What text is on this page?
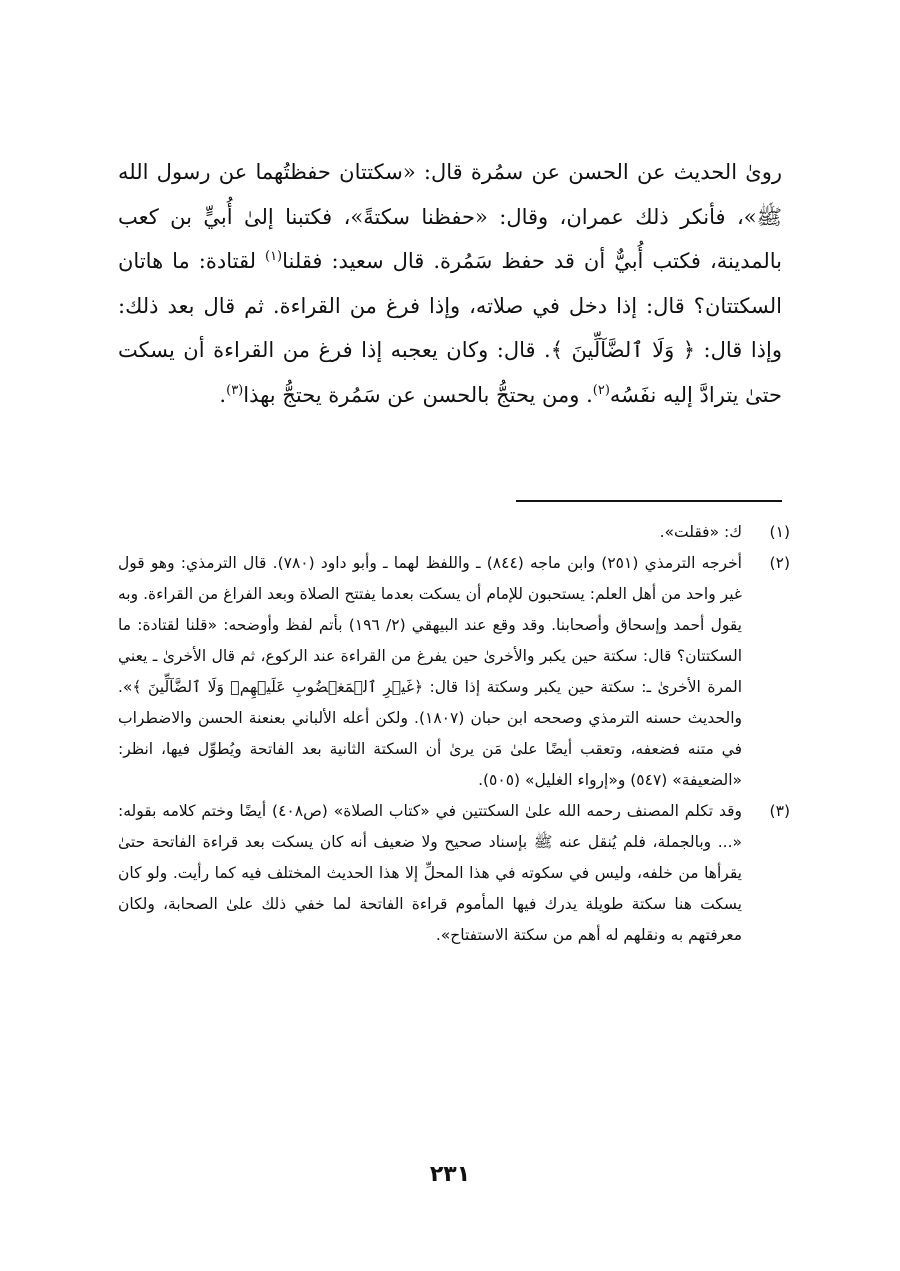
روىٰ الحديث عن الحسن عن سمُرة قال: «سكتتان حفظتُهما عن رسول الله ﷺ»، فأنكر ذلك عمران، وقال: «حفظنا سكتةً»، فكتبنا إلىٰ أُبيٍّ بن كعب بالمدينة، فكتب أُبيٌّ أن قد حفظ سَمُرة. قال سعيد: فقلنا$^{(١)}$ لقتادة: ما هاتان السكتتان؟ قال: إذا دخل في صلاته، وإذا فرغ من القراءة. ثم قال بعد ذلك: وإذا قال: ﴿ وَلَا ٱلضَّآلِّينَ ﴾. قال: وكان يعجبه إذا فرغ من القراءة أن يسكت حتىٰ يترادَّ إليه نفَسُه$^{(٢)}$. ومن يحتجُّ بالحسن عن سَمُرة يحتجُّ بهذا$^{(٣)}$.

(١)
ك: «فقلت».
(٢)
أخرجه الترمذي (٢٥١) وابن ماجه (٨٤٤) ـ واللفظ لهما ـ وأبو داود (٧٨٠). قال الترمذي: وهو قول غير واحد من أهل العلم: يستحبون للإمام أن يسكت بعدما يفتتح الصلاة وبعد الفراغ من القراءة. وبه يقول أحمد وإسحاق وأصحابنا. وقد وقع عند البيهقي (٢/ ١٩٦) بأتم لفظ وأوضحه: «قلنا لقتادة: ما السكتتان؟ قال: سكتة حين يكبر والأخرىٰ حين يفرغ من القراءة عند الركوع، ثم قال الأخرىٰ ـ يعني المرة الأخرىٰ ـ: سكتة حين يكبر وسكتة إذا قال: ﴿غَيۡرِ ٱلۡمَغۡضُوبِ عَلَيۡهِمۡ وَلَا ٱلضَّآلِّينَ ﴾». والحديث حسنه الترمذي وصححه ابن حبان (١٨٠٧). ولكن أعله الألباني بعنعنة الحسن والاضطراب في متنه فضعفه، وتعقب أيضًا علىٰ مَن يرىٰ أن السكتة الثانية بعد الفاتحة ويُطوِّل فيها، انظر: «الضعيفة» (٥٤٧) و«إرواء الغليل» (٥٠٥).
(٣)
وقد تكلم المصنف رحمه الله علىٰ السكتتين في «كتاب الصلاة» (ص٤٠٨) أيضًا وختم كلامه بقوله: «... وبالجملة، فلم يُنقل عنه ﷺ بإسناد صحيح ولا ضعيف أنه كان يسكت بعد قراءة الفاتحة حتىٰ يقرأها من خلفه، وليس في سكوته في هذا المحلِّ إلا هذا الحديث المختلف فيه كما رأيت. ولو كان يسكت هنا سكتة طويلة يدرك فيها المأموم قراءة الفاتحة لما خفي ذلك علىٰ الصحابة، ولكان معرفتهم به ونقلهم له أهم من سكتة الاستفتاح».
٢٣١
